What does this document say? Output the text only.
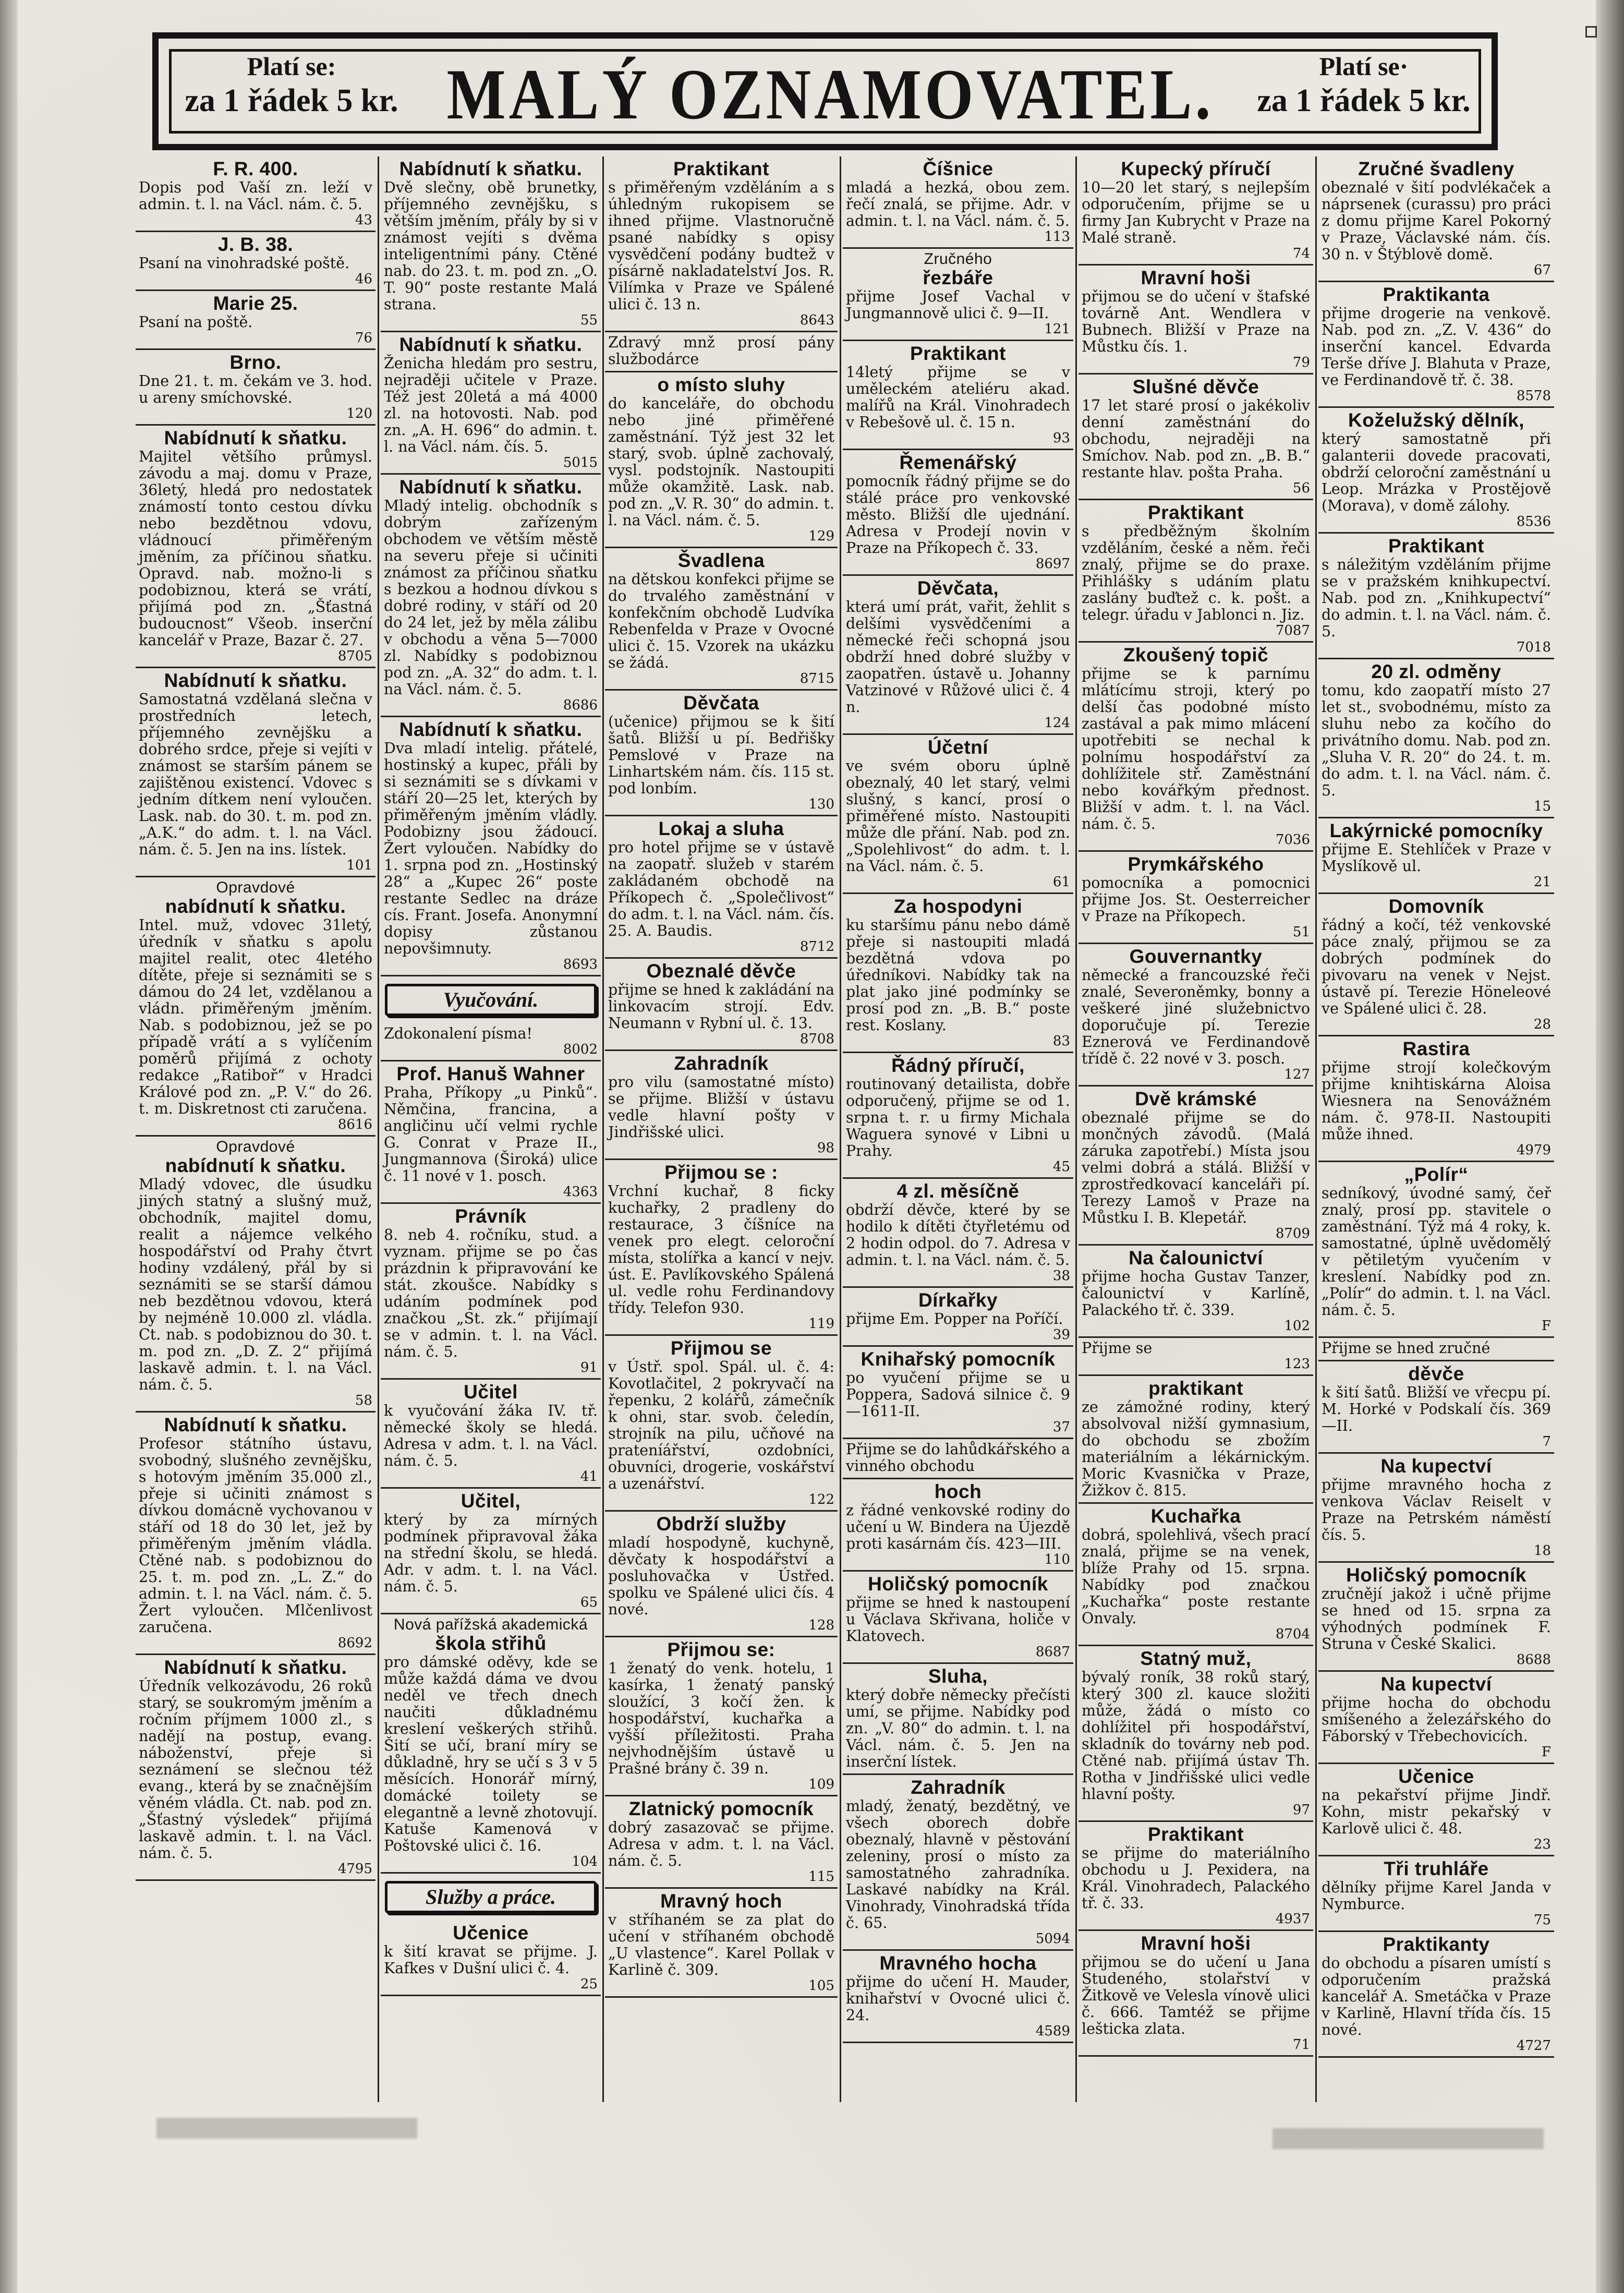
Platí se:
za 1 řádek 5 kr. MALÝ OZNAMOVATEL.	Platí se·
za 1 řádek 5 kr.
F. R. 400.
Dopis pod Vaší zn. leží v admin. t. l. na Václ. nám. č. 5.
43
J. B. 38.
Psaní na vinohradské poště.
46
Marie 25.
Psaní na poště.
76
Brno.
Dne 21. t. m. čekám ve 3. hod. u areny smíchovské.
120
Nabídnutí k sňatku.
Majitel většího průmysl. závodu a maj. domu v Praze, 36letý, hledá pro nedostatek známostí tonto cestou dívku nebo bezdětnou vdovu, vládnoucí přiměřeným jměním, za příčinou sňatku. Opravd. nab. možno-li s podobiznou, která se vrátí, přijímá pod zn. „Šťastná budoucnost“ Všeob. inserční kancelář v Praze, Bazar č. 27.
8705
Nabídnutí k sňatku.
Samostatná vzdělaná slečna v prostředních letech, příjemného zevnějšku a dobrého srdce, přeje si vejíti v známost se starším pánem se zajištěnou existencí. Vdovec s jedním dítkem není vyloučen. Lask. nab. do 30. t. m. pod zn. „A.K.“ do adm. t. l. na Václ. nám. č. 5. Jen na ins. lístek.
101
Opravdové
nabídnutí k sňatku.
Intel. muž, vdovec 31letý, úředník v sňatku s apolu majitel realit, otec 4letého dítěte, přeje si seznámiti se s dámou do 24 let, vzdělanou a vládn. přiměřeným jměním. Nab. s podobiznou, jež se po případě vrátí a s vylíčením poměrů přijímá z ochoty redakce „Ratiboř“ v Hradci Králové pod zn. „P. V.“ do 26. t. m. Diskretnost cti zaručena.
8616
Opravdové
nabídnutí k sňatku.
Mladý vdovec, dle úsudku jiných statný a slušný muž, obchodník, majitel domu, realit a nájemce velkého hospodářství od Prahy čtvrt hodiny vzdálený, přál by si seznámiti se se starší dámou neb bezdětnou vdovou, která by nejméně 10.000 zl. vládla. Ct. nab. s podobiznou do 30. t. m. pod zn. „D. Z. 2“ přijímá laskavě admin. t. l. na Václ. nám. č. 5.
58
Nabídnutí k sňatku.
Profesor státního ústavu, svobodný, slušného zevnějšku, s hotovým jměním 35.000 zl., přeje si učiniti známost s dívkou domácně vychovanou v stáří od 18 do 30 let, jež by přiměřeným jměním vládla. Ctěné nab. s podobiznou do 25. t. m. pod zn. „L. Z.“ do admin. t. l. na Václ. nám. č. 5. Žert vyloučen. Mlčenlivost zaručena.
8692
Nabídnutí k sňatku.
Úředník velkozávodu, 26 roků starý, se soukromým jměním a ročním příjmem 1000 zl., s nadějí na postup, evang. náboženství, přeje si seznámení se slečnou též evang., která by se značnějším věném vládla. Ct. nab. pod zn. „Šťastný výsledek“ přijímá laskavě admin. t. l. na Václ. nám. č. 5.
4795
Nabídnutí k sňatku.
Dvě slečny, obě brunetky, příjemného zevnějšku, s větším jměním, přály by si v známost vejíti s dvěma inteligentními pány. Ctěné nab. do 23. t. m. pod zn. „O. T. 90“ poste restante Malá strana.
55
Nabídnutí k sňatku.
Ženicha hledám pro sestru, nejraději učitele v Praze. Též jest 20letá a má 4000 zl. na hotovosti. Nab. pod zn. „A. H. 696“ do admin. t. l. na Václ. nám. čís. 5.
5015
Nabídnutí k sňatku.
Mladý intelig. obchodník s dobrým zařízeným obchodem ve větším městě na severu přeje si učiniti známost za příčinou sňatku s bezkou a hodnou dívkou s dobré rodiny, v stáří od 20 do 24 let, jež by měla zálibu v obchodu a věna 5—7000 zl. Nabídky s podobiznou pod zn. „A. 32“ do adm. t. l. na Václ. nám. č. 5.
8686
Nabídnutí k sňatku.
Dva mladí intelig. přátelé, hostinský a kupec, přáli by si seznámiti se s dívkami v stáří 20—25 let, kterých by přiměřeným jměním vládly. Podobizny jsou žádoucí. Žert vyloučen. Nabídky do 1. srpna pod zn. „Hostinský 28“ a „Kupec 26“ poste restante Sedlec na dráze cís. Frant. Josefa. Anonymní dopisy zůstanou nepovšimnuty.
8693
Vyučování.
Zdokonalení písma!
8002
Prof. Hanuš Wahner
Praha, Příkopy „u Pinků“. Němčina, francina, a angličinu učí velmi rychle G. Conrat v Praze II., Jungmannova (Široká) ulice č. 11 nové v 1. posch.
4363
Právník
8. neb 4. ročníku, stud. a vyznam. přijme se po čas prázdnin k připravování ke stát. zkoušce. Nabídky s udáním podmínek pod značkou „St. zk.“ přijímají se v admin. t. l. na Václ. nám. č. 5.
91
Učitel
k vyučování žáka IV. tř. německé školy se hledá. Adresa v adm. t. l. na Václ. nám. č. 5.
41
Učitel,
který by za mírných podmínek připravoval žáka na střední školu, se hledá. Adr. v adm. t. l. na Václ. nám. č. 5.
65
Nová pařížská akademická
škola střihů
pro dámské oděvy, kde se může každá dáma ve dvou neděl ve třech dnech naučiti důkladnému kreslení veškerých střihů. Šití se učí, braní míry se důkladně, hry se učí s 3 v 5 měsících. Honorář mírný, domácké toilety se elegantně a levně zhotovují. Katuše Kamenová v Poštovské ulici č. 16.
104
Služby a práce.
Učenice
k šití kravat se přijme. J. Kafkes v Dušní ulici č. 4.
25
Praktikant
s přiměřeným vzděláním a s úhledným rukopisem se ihned přijme. Vlastnoručně psané nabídky s opisy vysvědčení podány budtež v písárně nakladatelství Jos. R. Vilímka v Praze ve Spálené ulici č. 13 n.
8643
Zdravý mnž prosí pány službodárce
o místo sluhy
do kanceláře, do obchodu nebo jiné přiměřené zaměstnání. Týž jest 32 let starý, svob. úplně zachovalý, vysl. podstojník. Nastoupiti může okamžitě. Lask. nab. pod zn. „V. R. 30“ do admin. t. l. na Václ. nám. č. 5.
129
Švadlena
na dětskou konfekci přijme se do trvalého zaměstnání v konfekčním obchodě Ludvíka Rebenfelda v Praze v Ovocné ulici č. 15. Vzorek na ukázku se žádá.
8715
Děvčata
(učenice) přijmou se k šití šatů. Bližší u pí. Bedřišky Pemslové v Praze na Linhartském nám. čís. 115 st. pod lonbím.
130
Lokaj a sluha
pro hotel přijme se v ústavě na zaopatř. služeb v starém zakládaném obchodě na Příkopech č. „Společlivost“ do adm. t. l. na Václ. nám. čís. 25. A. Baudis.
8712
Obeznalé děvče
přijme se hned k zakládání na linkovacím strojí. Edv. Neumann v Rybní ul. č. 13.
8708
Zahradník
pro vilu (samostatné místo) se přijme. Bližší v ústavu vedle hlavní pošty v Jindřišské ulici.
98
Přijmou se :
Vrchní kuchař, 8 ficky kuchařky, 2 pradleny do restaurace, 3 číšníce na venek pro elegt. celoroční místa, stolířka a kancí v nejv. úst. E. Pavlíkovského Spálená ul. vedle rohu Ferdinandovy třídy. Telefon 930.
119
Přijmou se
v Ústř. spol. Spál. ul. č. 4: Kovotlačitel, 2 pokryvačí na řepenku, 2 kolářů, zámečník k ohni, star. svob. čeledín, strojník na pilu, učňové na prateníářství, ozdobníci, obuvníci, drogerie, voskářství a uzenářství.
122
Obdrží služby
mladí hospodyně, kuchyně, děvčaty k hospodářství a posluhovačka v Ústřed. spolku ve Spálené ulici čís. 4 nové.
128
Přijmou se:
1 ženatý do venk. hotelu, 1 kasírka, 1 ženatý panský sloužící, 3 kočí žen. k hospodářství, kuchařka a vyšší příležitosti. Praha nejvhodnějším ústavě u Prašné brány č. 39 n.
109
Zlatnický pomocník
dobrý zasazovač se přijme. Adresa v adm. t. l. na Václ. nám. č. 5.
115
Mravný hoch
v stříhaném se za plat do učení v stříhaném obchodě „U vlastence“. Karel Pollak v Karlině č. 309.
105
Číšnice
mladá a hezká, obou zem. řečí znalá, se přijme. Adr. v admin. t. l. na Václ. nám. č. 5.
113
Zručného
řezbáře
přijme Josef Vachal v Jungmannově ulici č. 9—II.
121
Praktikant
14letý přijme se v uměleckém ateliéru akad. malířů na Král. Vinohradech v Rebešově ul. č. 15 n.
93
Řemenářský
pomocník řádný přijme se do stálé práce pro venkovské město. Bližší dle ujednání. Adresa v Prodejí novin v Praze na Příkopech č. 33.
8697
Děvčata,
která umí prát, vařit, žehlit s delšími vysvědčeními a německé řeči schopná jsou obdrží hned dobré služby v zaopatřen. ústavě u. Johanny Vatzinové v Růžové ulici č. 4 n.
124
Účetní
ve svém oboru úplně obeznalý, 40 let starý, velmi slušný, s kancí, prosí o přiměřené místo. Nastoupiti může dle přání. Nab. pod zn. „Spolehlivost“ do adm. t. l. na Václ. nám. č. 5.
61
Za hospodyni
ku staršímu pánu nebo dámě přeje si nastoupiti mladá bezdětná vdova po úředníkovi. Nabídky tak na plat jako jiné podmínky se prosí pod zn. „B. B.“ poste rest. Koslany.
83
Řádný příručí,
routinovaný detailista, dobře odporučený, přijme se od 1. srpna t. r. u firmy Michala Waguera synové v Libni u Prahy.
45
4 zl. měsíčně
obdrží děvče, které by se hodilo k dítěti čtyřletému od 2 hodin odpol. do 7. Adresa v admin. t. l. na Václ. nám. č. 5.
38
Dírkařky
přijme Em. Popper na Poříčí.
39
Knihařský pomocník
po vyučení přijme se u Poppera, Sadová silnice č. 9—1611-II.
37
Přijme se do lahůdkářského a vinného obchodu
hoch
z řádné venkovské rodiny do učení u W. Bindera na Újezdě proti kasárnám čís. 423—III.
110
Holičský pomocník
přijme se hned k nastoupení u Václava Skřivana, holiče v Klatovech.
8687
Sluha,
který dobře německy přečísti umí, se přijme. Nabídky pod zn. „V. 80“ do admin. t. l. na Václ. nám. č. 5. Jen na inserční lístek.
Zahradník
mladý, ženatý, bezdětný, ve všech oborech dobře obeznalý, hlavně v pěstování zeleniny, prosí o místo za samostatného zahradníka. Laskavé nabídky na Král. Vinohrady, Vinohradská třída č. 65.
5094
Mravného hocha
přijme do učení H. Mauder, knihařství v Ovocné ulici č. 24.
4589
Kupecký příručí
10—20 let starý, s nejlepším odporučením, přijme se u firmy Jan Kubrycht v Praze na Malé straně.
74
Mravní hoši
přijmou se do učení v štafské továrně Ant. Wendlera v Bubnech. Bližší v Praze na Můstku čís. 1.
79
Slušné děvče
17 let staré prosí o jakékoliv denní zaměstnání do obchodu, nejraději na Smíchov. Nab. pod zn. „B. B.“ restante hlav. pošta Praha.
56
Praktikant
s předběžným školním vzděláním, české a něm. řeči znalý, přijme se do praxe. Přihlášky s udáním platu zaslány buďtež c. k. pošt. a telegr. úřadu v Jablonci n. Jiz.
7087
Zkoušený topič
přijme se k parnímu mlátícímu stroji, který po delší čas podobné místo zastával a pak mimo mlácení upotřebiti se nechal k polnímu hospodářství za dohlížitele stř. Zaměstnání nebo kovářkým přednost. Bližší v adm. t. l. na Václ. nám. č. 5.
7036
Prymkářského
pomocníka a pomocnici přijme Jos. St. Oesterreicher v Praze na Příkopech.
51
Gouvernantky
německé a francouzské řeči znalé, Severoněmky, bonny a veškeré jiné služebnictvo doporučuje pí. Terezie Eznerová ve Ferdinandově třídě č. 22 nové v 3. posch.
127
Dvě krámské
obeznalé přijme se do mončných závodů. (Malá záruka zapotřebí.) Místa jsou velmi dobrá a stálá. Bližší v zprostředkovací kanceláři pí. Terezy Lamoš v Praze na Můstku I. B. Klepetář.
8709
Na čalounictví
přijme hocha Gustav Tanzer, čalounictví v Karlíně, Palackého tř. č. 339.
102
Přijme se
123
praktikant
ze zámožné rodiny, který absolvoval nižší gymnasium, do obchodu se zbožím materiálním a lékárnickým. Moric Kvasnička v Praze, Žižkov č. 815.
Kuchařka
dobrá, spolehlivá, všech prací znalá, přijme se na venek, blíže Prahy od 15. srpna. Nabídky pod značkou „Kuchařka“ poste restante Onvaly.
8704
Statný muž,
bývalý roník, 38 roků starý, který 300 zl. kauce složiti může, žádá o místo co dohlížitel při hospodářství, skladník do továrny neb pod. Ctěné nab. přijímá ústav Th. Rotha v Jindřišské ulici vedle hlavní pošty.
97
Praktikant
se přijme do materiálního obchodu u J. Pexidera, na Král. Vinohradech, Palackého tř. č. 33.
4937
Mravní hoši
přijmou se do učení u Jana Studeného, stolařství v Žitkově ve Velesla vínově ulici č. 666. Tamtéž se přijme lešticka zlata.
71
Zručné švadleny
obeznalé v šití podvlékaček a náprsenek (curassu) pro práci z domu přijme Karel Pokorný v Praze, Václavské nám. čís. 30 n. v Štýblově domě.
67
Praktikanta
přijme drogerie na venkově. Nab. pod zn. „Z. V. 436“ do inserční kancel. Edvarda Terše dříve J. Blahuta v Praze, ve Ferdinandově tř. č. 38.
8578
Koželužský dělník,
který samostatně při galanterii dovede pracovati, obdrží celoroční zaměstnání u Leop. Mrázka v Prostějově (Morava), v domě zálohy.
8536
Praktikant
s náležitým vzděláním přijme se v pražském knihkupectví. Nab. pod zn. „Knihkupectví“ do admin. t. l. na Václ. nám. č. 5.
7018
20 zl. odměny
tomu, kdo zaopatří místo 27 let st., svobodnému, místo za sluhu nebo za kočího do privátního domu. Nab. pod zn. „Sluha V. R. 20“ do 24. t. m. do adm. t. l. na Václ. nám. č. 5.
15
Lakýrnické pomocníky
přijme E. Stehlíček v Praze v Myslíkově ul.
21
Domovník
řádný a kočí, též venkovské páce znalý, přijmou se za dobrých podmínek do pivovaru na venek v Nejst. ústavě pí. Terezie Höneleové ve Spálené ulici č. 28.
28
Rastira
přijme strojí kolečkovým přijme knihtiskárna Aloisa Wiesnera na Senovážném nám. č. 978-II. Nastoupiti může ihned.
4979
„Polír“
sedníkový, úvodné samý, čeř znalý, prosí pp. stavitele o zaměstnání. Týž má 4 roky, k. samostatné, úplně uvědomělý v pětiletým vyučením v kreslení. Nabídky pod zn. „Polír“ do admin. t. l. na Václ. nám. č. 5.
F
Přijme se hned zručné
děvče
k šití šatů. Bližší ve vřecpu pí. M. Horké v Podskalí čís. 369—II.
7
Na kupectví
přijme mravného hocha z venkova Václav Reiselt v Praze na Petrském náměstí čís. 5.
18
Holičský pomocník
zručnějí jakož i učně přijme se hned od 15. srpna za výhodných podmínek F. Struna v České Skalici.
8688
Na kupectví
přijme hocha do obchodu smíšeného a železářského do Fáborský v Třebechovicích.
F
Učenice
na pekařství přijme Jindř. Kohn, mistr pekařský v Karlově ulici č. 48.
23
Tři truhláře
dělníky přijme Karel Janda v Nymburce.
75
Praktikanty
do obchodu a písaren umístí s odporučením pražská kancelář A. Smetáčka v Praze v Karlině, Hlavní třída čís. 15 nové.
4727
